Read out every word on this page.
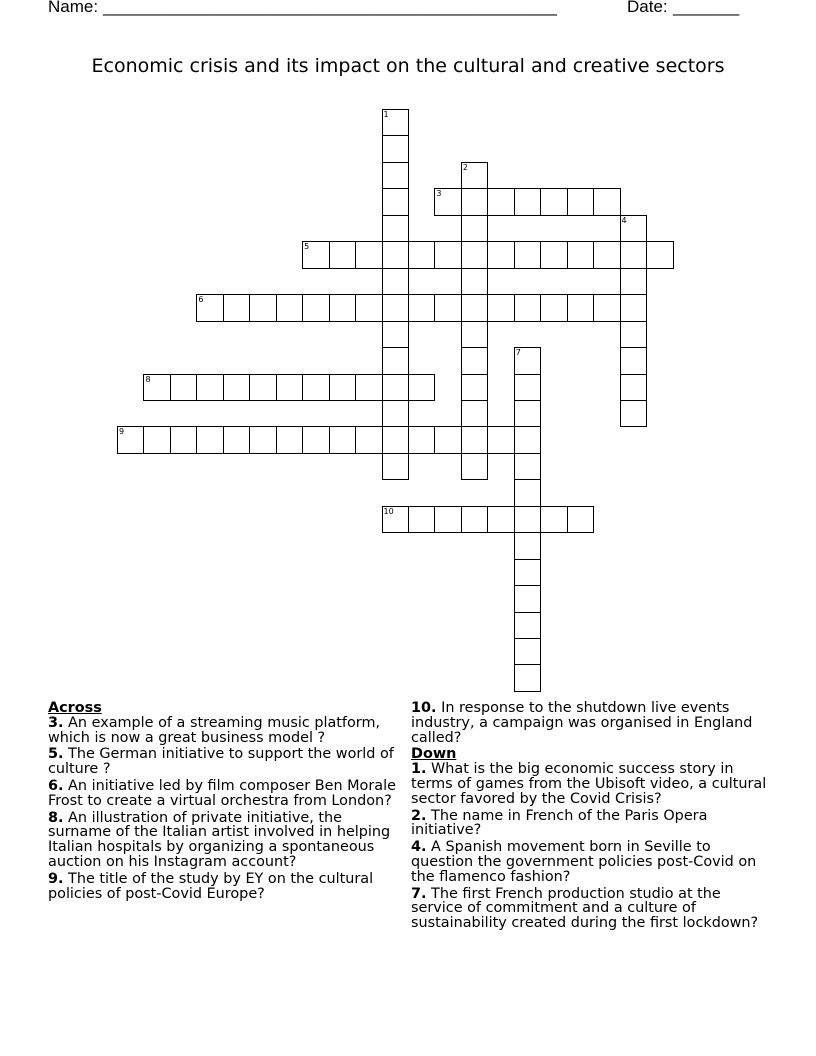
Name: ________________________________________________	Date: _______
Economic crisis and its impact on the cultural and creative sectors
1
2
3
4
5
6
7
8
9
10
Across
3. An example of a streaming music platform, which is now a great business model ?
5. The German initiative to support the world of culture ?
6. An initiative led by film composer Ben Morale Frost to create a virtual orchestra from London?
8. An illustration of private initiative, the surname of the Italian artist involved in helping Italian hospitals by organizing a spontaneous auction on his Instagram account?
9. The title of the study by EY on the cultural policies of post-Covid Europe?
10. In response to the shutdown live events industry, a campaign was organised in England called?
Down
1. What is the big economic success story in terms of games from the Ubisoft video, a cultural sector favored by the Covid Crisis?
2. The name in French of the Paris Opera initiative?
4. A Spanish movement born in Seville to question the government policies post-Covid on the flamenco fashion?
7. The first French production studio at the service of commitment and a culture of sustainability created during the first lockdown?
